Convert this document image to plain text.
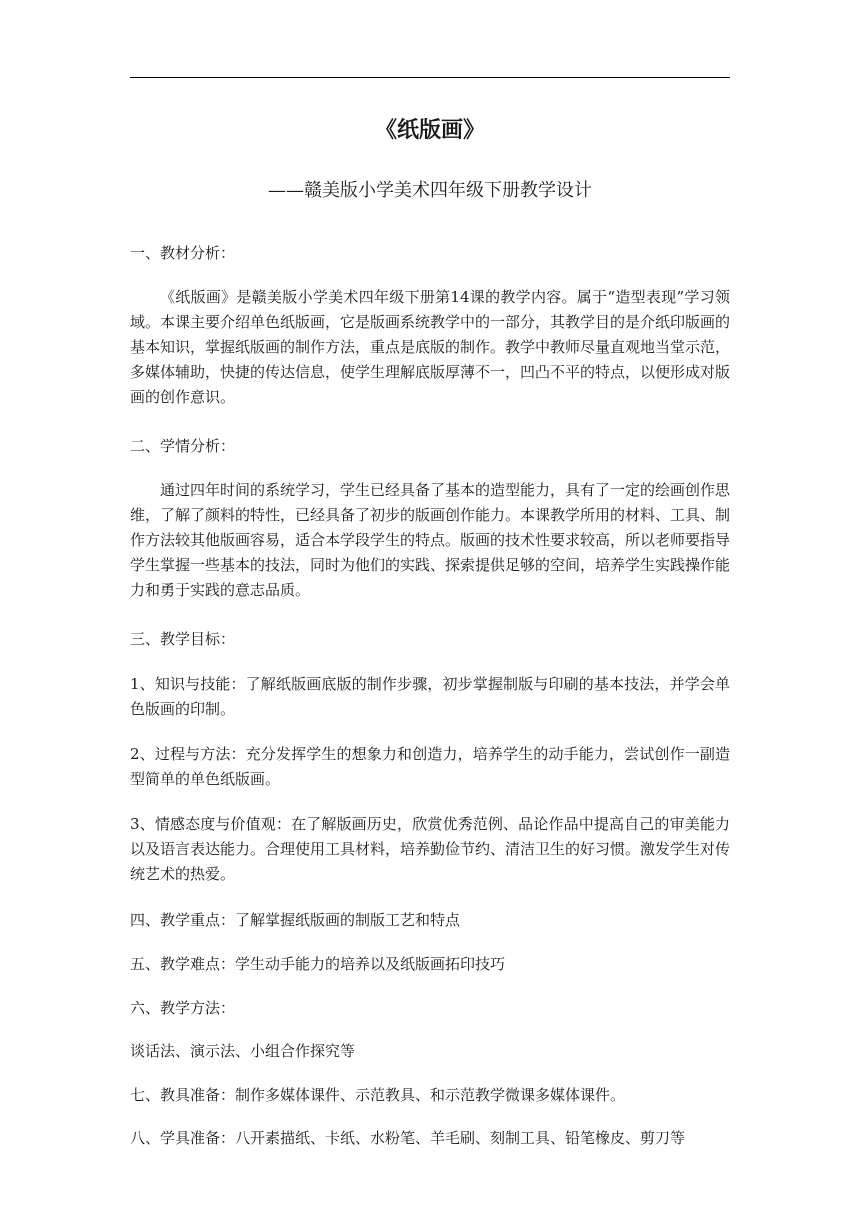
《纸版画》

——赣美版小学美术四年级下册教学设计

一、教材分析：

《纸版画》是赣美版小学美术四年级下册第14课的教学内容。属于“造型表现”学习领域。本课主要介绍单色纸版画，它是版画系统教学中的一部分，其教学目的是介纸印版画的基本知识，掌握纸版画的制作方法，重点是底版的制作。教学中教师尽量直观地当堂示范，多媒体辅助，快捷的传达信息，使学生理解底版厚薄不一，凹凸不平的特点，以便形成对版画的创作意识。

二、学情分析：

通过四年时间的系统学习，学生已经具备了基本的造型能力，具有了一定的绘画创作思维，了解了颜料的特性，已经具备了初步的版画创作能力。本课教学所用的材料、工具、制作方法较其他版画容易，适合本学段学生的特点。版画的技术性要求较高，所以老师要指导学生掌握一些基本的技法，同时为他们的实践、探索提供足够的空间，培养学生实践操作能力和勇于实践的意志品质。

三、教学目标：

1、知识与技能：了解纸版画底版的制作步骤，初步掌握制版与印刷的基本技法，并学会单色版画的印制。

2、过程与方法：充分发挥学生的想象力和创造力，培养学生的动手能力，尝试创作一副造型简单的单色纸版画。

3、情感态度与价值观：在了解版画历史，欣赏优秀范例、品论作品中提高自己的审美能力以及语言表达能力。合理使用工具材料，培养勤俭节约、清洁卫生的好习惯。激发学生对传统艺术的热爱。

四、教学重点：了解掌握纸版画的制版工艺和特点

五、教学难点：学生动手能力的培养以及纸版画拓印技巧

六、教学方法：

谈话法、演示法、小组合作探究等

七、教具准备：制作多媒体课件、示范教具、和示范教学微课多媒体课件。

八、学具准备：八开素描纸、卡纸、水粉笔、羊毛刷、刻制工具、铅笔橡皮、剪刀等
